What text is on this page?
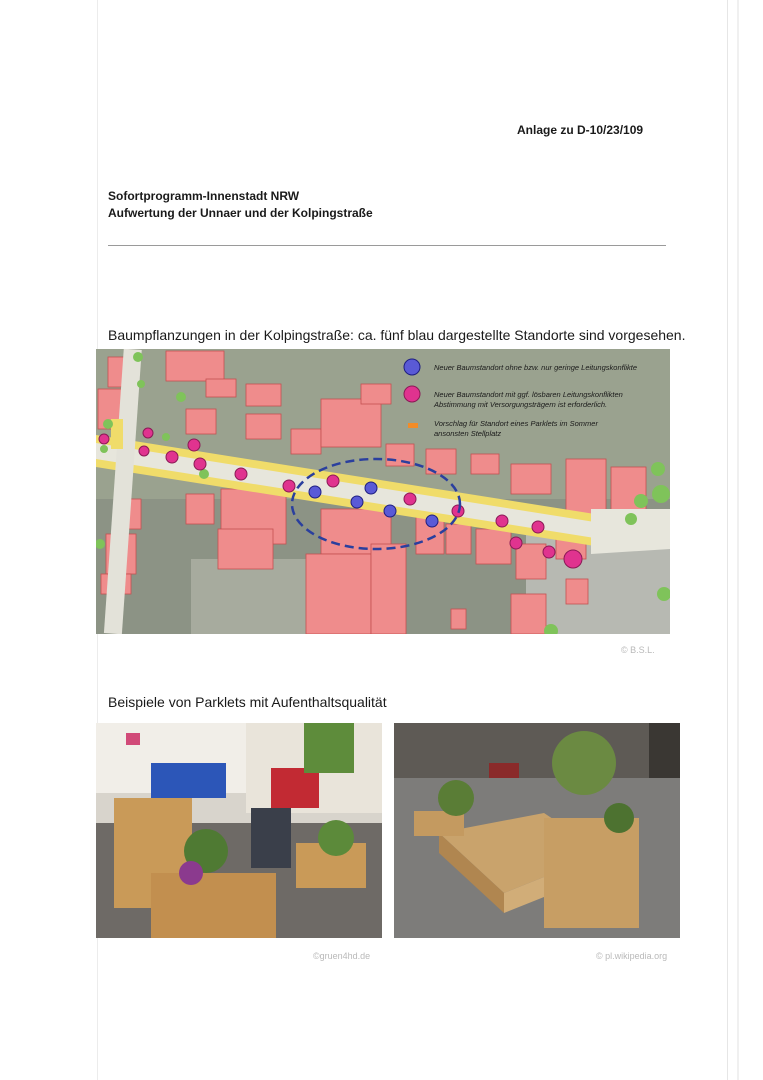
Anlage zu D-10/23/109
Sofortprogramm-Innenstadt NRW
Aufwertung der Unnaer und der Kolpingstraße
Baumpflanzungen in der Kolpingstraße: ca. fünf blau dargestellte Standorte sind vorgesehen.
Neuer Baumstandort ohne bzw. nur geringe Leitungskonflikte
Neuer Baumstandort mit ggf. lösbaren Leitungskonflikten
Abstimmung mit Versorgungsträgern ist erforderlich.
Vorschlag für Standort eines Parklets im Sommer
ansonsten Stellplatz
© B.S.L.
Beispiele von Parklets mit Aufenthaltsqualität
©gruen4hd.de	© pl.wikipedia.org
